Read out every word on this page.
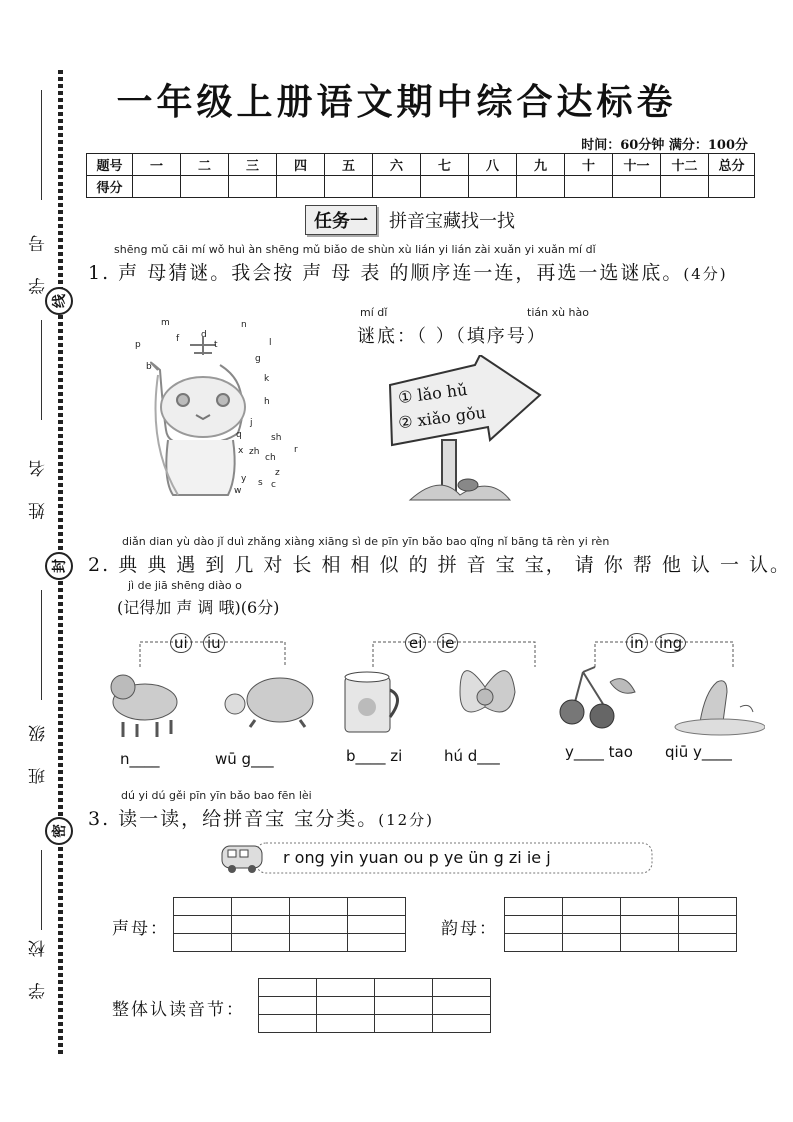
学 号
线
姓 名
封
班 级
密
学 校
一年级上册语文期中综合达标卷
时间：60分钟 满分：100分
题号	一	二	三	四	五	六	七	八	九	十	十一	十二	总分
得分													
任务一	拼音宝藏找一找
shēng mǔ cāi mí wǒ huì àn shēng mǔ biǎo de shùn xù lián yi lián zài xuǎn yi xuǎn mí dǐ
1. 声 母猜谜。我会按 声 母 表 的顺序连一连，再选一选谜底。(4分)
p
m
f d
t
n
l
g
k
h
j
q
b
x zh
ch
sh
r
z
c
s
y
w
mí dǐ	tián xù hào
谜底：（ ）（填序号）
① lǎo hǔ
② xiǎo gǒu
diǎn dian yù dào jǐ duì zhǎng xiàng xiāng sì de pīn yīn bǎo bao qǐng nǐ bāng tā rèn yi rèn
2. 典 典 遇 到 几 对 长 相 相 似 的 拼 音 宝 宝， 请 你 帮 他 认 一 认。
jì de jiā shēng diào o
(记得加 声 调 哦)(6分)
ui iu	ei ie	in ing
n____	wū g___	b____ zi	hú d___	y____ tao qiū y____
dú yi dú gěi pīn yīn bǎo bao fēn lèi
3. 读一读，给拼音宝 宝分类。(12分)
r ong yin yuan ou p ye ün g zi ie j
声母：

				韵母：

整体认读音节：
